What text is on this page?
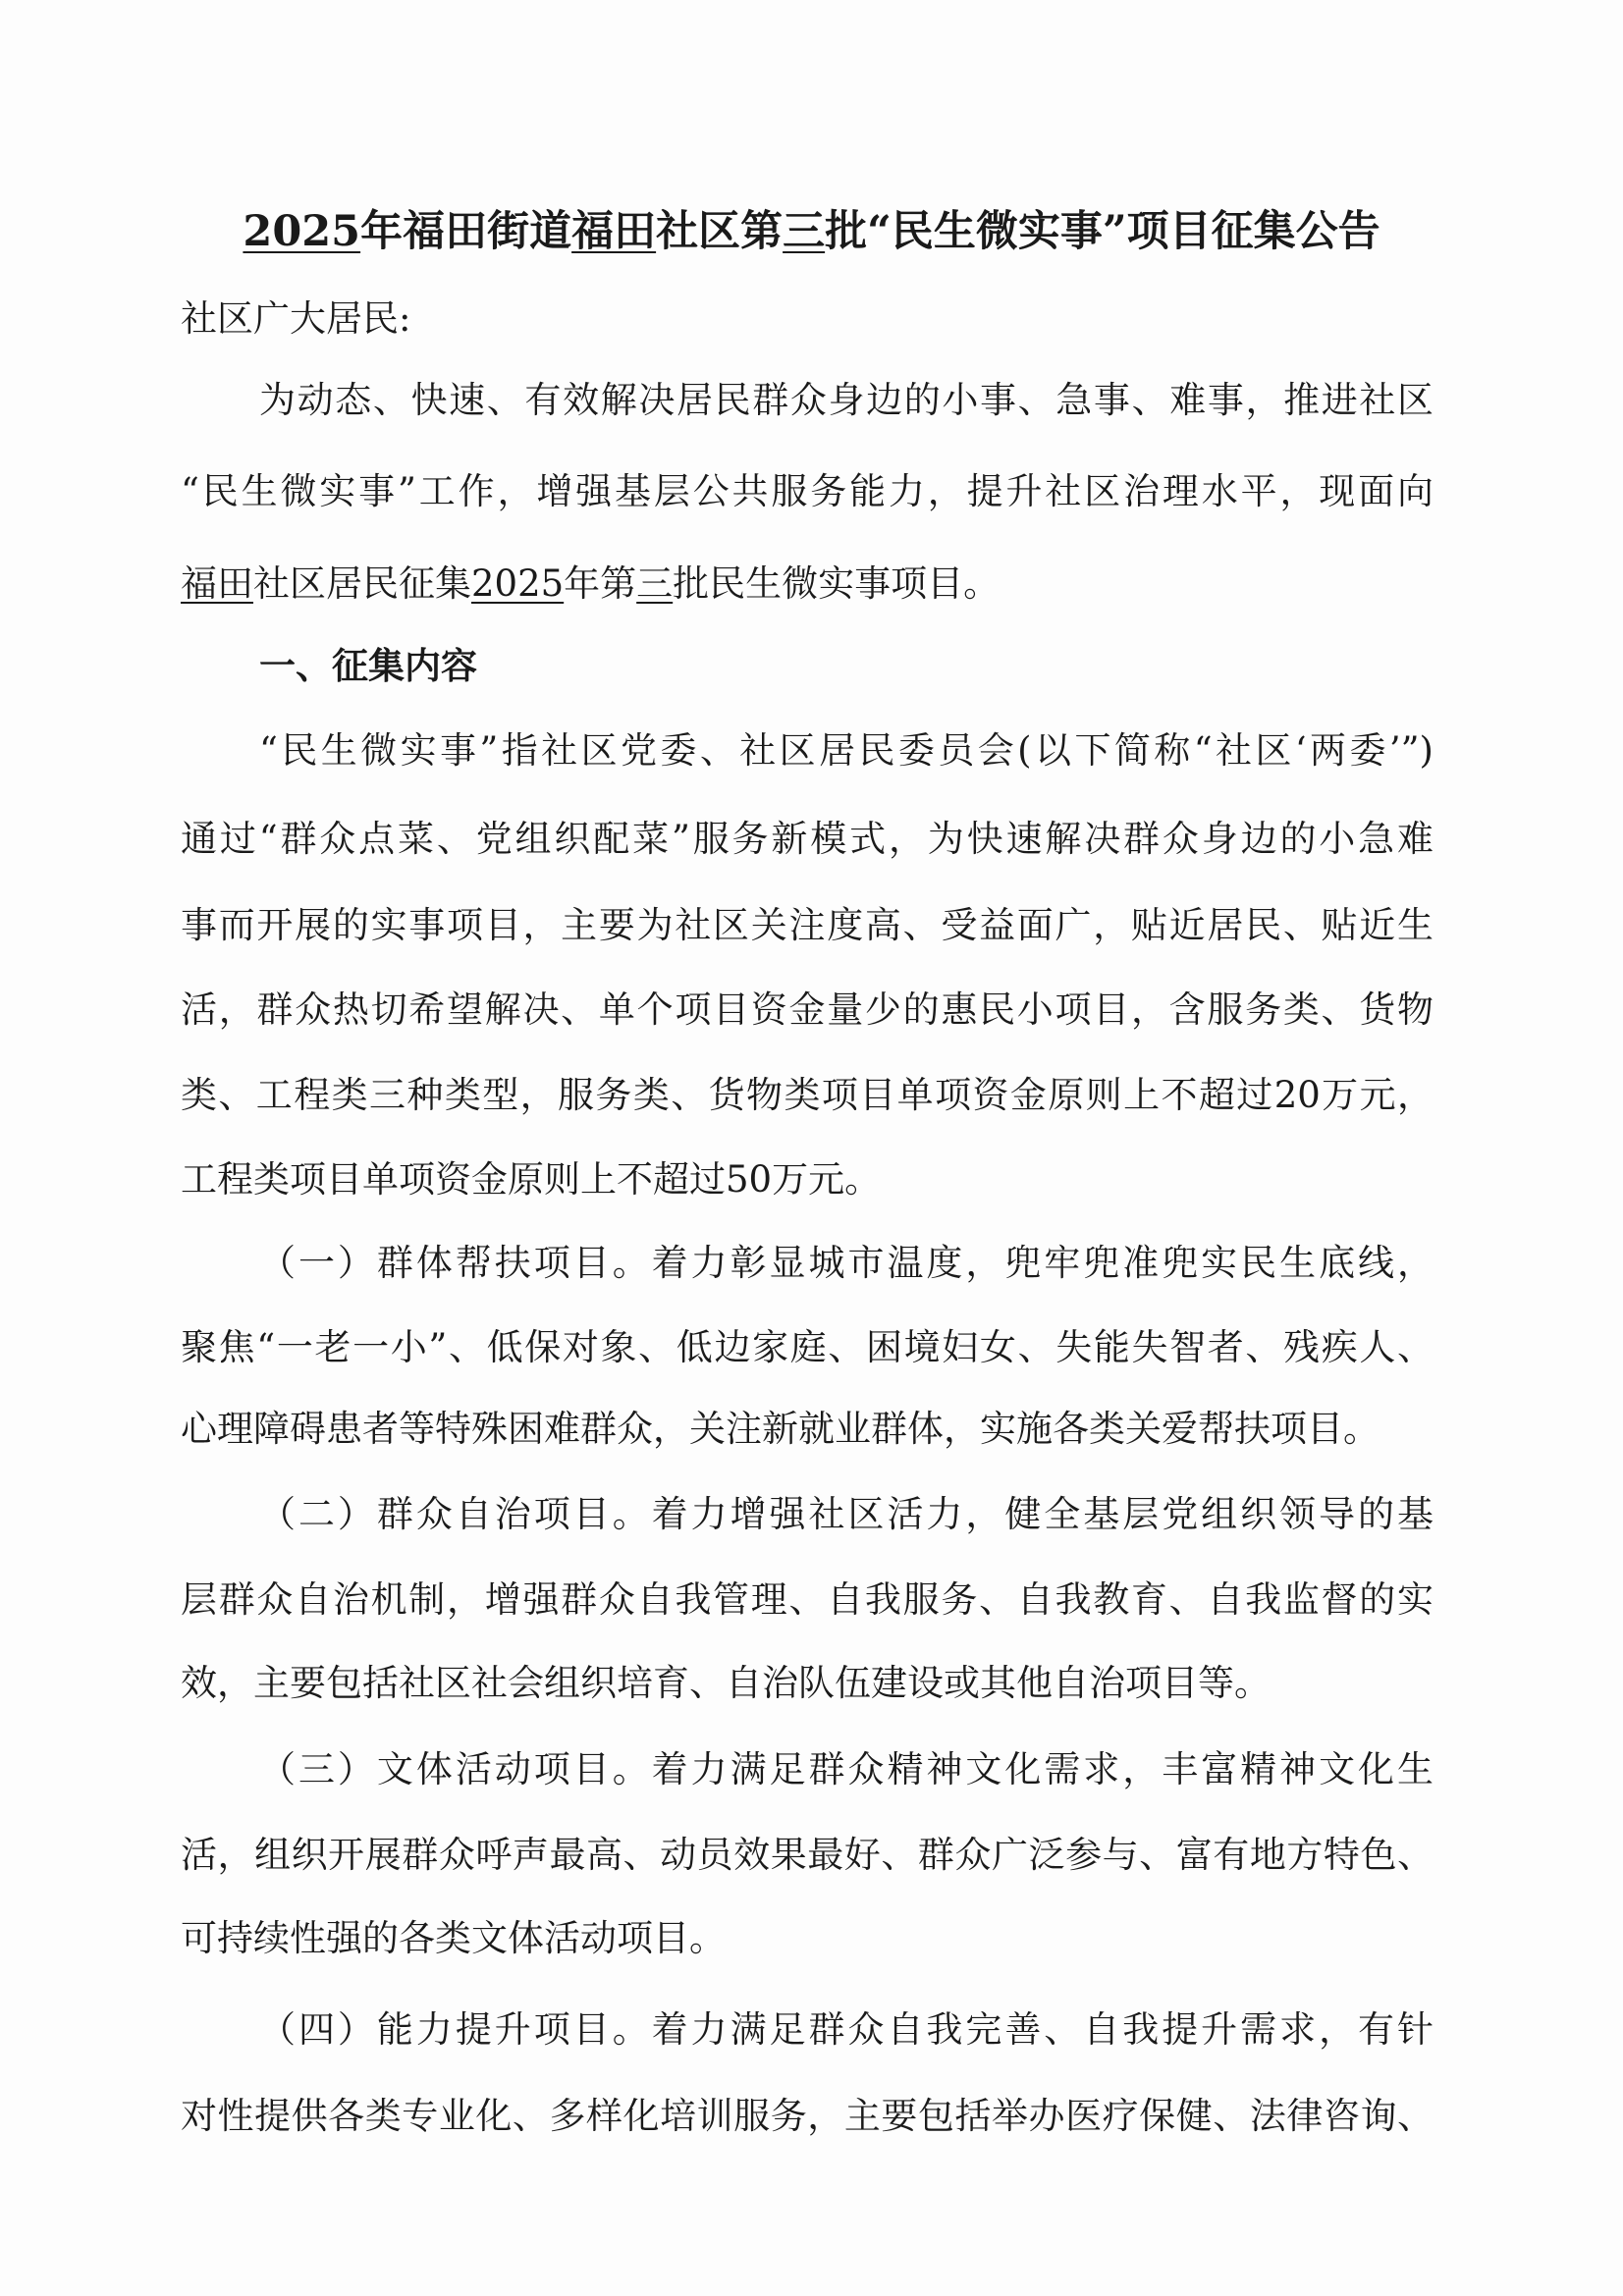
2025年福田街道福田社区第三批“民生微实事”项目征集公告
社区广大居民:
为动态、快速、有效解决居民群众身边的小事、急事、难事，推进社区
“民生微实事”工作，增强基层公共服务能力，提升社区治理水平，现面向
福田社区居民征集2025年第三批民生微实事项目。
一、征集内容
“民生微实事”指社区党委、社区居民委员会(以下简称“社区‘两委’”)
通过“群众点菜、党组织配菜”服务新模式，为快速解决群众身边的小急难
事而开展的实事项目，主要为社区关注度高、受益面广，贴近居民、贴近生
活，群众热切希望解决、单个项目资金量少的惠民小项目，含服务类、货物
类、工程类三种类型，服务类、货物类项目单项资金原则上不超过20万元，
工程类项目单项资金原则上不超过50万元。
（一）群体帮扶项目。着力彰显城市温度，兜牢兜准兜实民生底线，
聚焦“一老一小”、低保对象、低边家庭、困境妇女、失能失智者、残疾人、
心理障碍患者等特殊困难群众，关注新就业群体，实施各类关爱帮扶项目。
（二）群众自治项目。着力增强社区活力，健全基层党组织领导的基
层群众自治机制，增强群众自我管理、自我服务、自我教育、自我监督的实
效，主要包括社区社会组织培育、自治队伍建设或其他自治项目等。
（三）文体活动项目。着力满足群众精神文化需求，丰富精神文化生
活，组织开展群众呼声最高、动员效果最好、群众广泛参与、富有地方特色、
可持续性强的各类文体活动项目。
（四）能力提升项目。着力满足群众自我完善、自我提升需求，有针
对性提供各类专业化、多样化培训服务，主要包括举办医疗保健、法律咨询、
